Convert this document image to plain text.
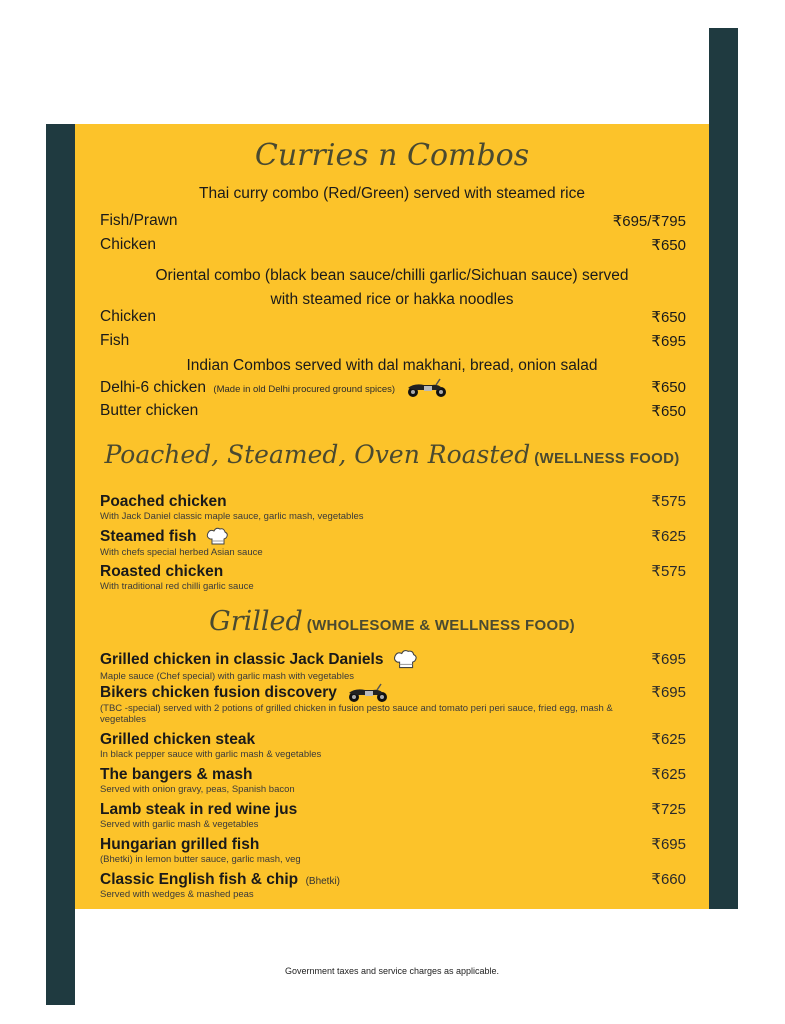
Curries n Combos
Thai curry combo (Red/Green) served with steamed rice
Fish/Prawn	₹695/₹795
Chicken	₹650
Oriental combo (black bean sauce/chilli garlic/Sichuan sauce) served
with steamed rice or hakka noodles
Chicken	₹650
Fish	₹695
Indian Combos served with dal makhani, bread, onion salad
Delhi-6 chicken (Made in old Delhi procured ground spices)	₹650
Butter chicken	₹650
Poached, Steamed, Oven Roasted (WELLNESS FOOD)
Poached chicken	₹575
With Jack Daniel classic maple sauce, garlic mash, vegetables
Steamed fish	₹625
With chefs special herbed Asian sauce
Roasted chicken	₹575
With traditional red chilli garlic sauce
Grilled (WHOLESOME & WELLNESS FOOD)
Grilled chicken in classic Jack Daniels	₹695
Maple sauce (Chef special) with garlic mash with vegetables
Bikers chicken fusion discovery	₹695
(TBC -special) served with 2 potions of grilled chicken in fusion pesto sauce and tomato peri peri sauce, fried egg, mash & vegetables
Grilled chicken steak	₹625
In black pepper sauce with garlic mash & vegetables
The bangers & mash	₹625
Served with onion gravy, peas, Spanish bacon
Lamb steak in red wine jus	₹725
Served with garlic mash & vegetables
Hungarian grilled fish	₹695
(Bhetki) in lemon butter sauce, garlic mash, veg
Classic English fish & chip (Bhetki)	₹660
Served with wedges & mashed peas
Government taxes and service charges as applicable.
